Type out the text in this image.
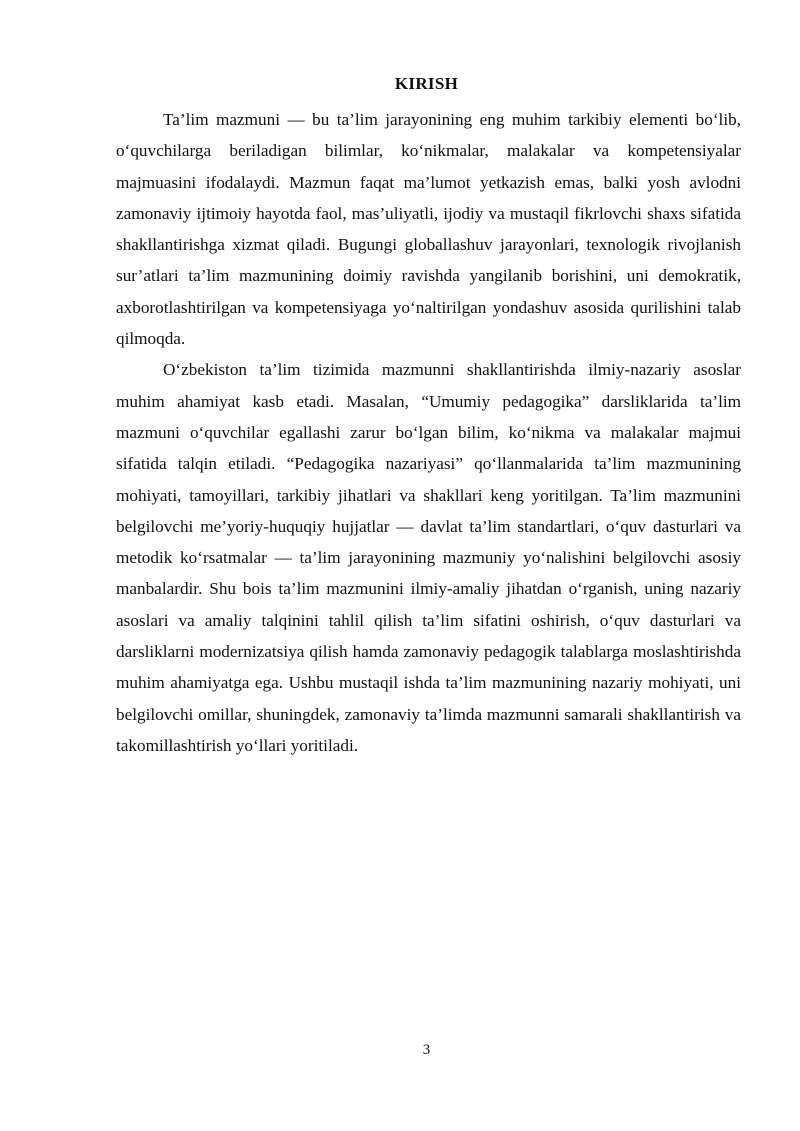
KIRISH

Ta’lim mazmuni — bu ta’lim jarayonining eng muhim tarkibiy elementi bo‘lib, o‘quvchilarga beriladigan bilimlar, ko‘nikmalar, malakalar va kompetensiyalar majmuasini ifodalaydi. Mazmun faqat ma’lumot yetkazish emas, balki yosh avlodni zamonaviy ijtimoiy hayotda faol, mas’uliyatli, ijodiy va mustaqil fikrlovchi shaxs sifatida shakllantirishga xizmat qiladi. Bugungi globallashuv jarayonlari, texnologik rivojlanish sur’atlari ta’lim mazmunining doimiy ravishda yangilanib borishini, uni demokratik, axborotlashtirilgan va kompetensiyaga yo‘naltirilgan yondashuv asosida qurilishini talab qilmoqda.

O‘zbekiston ta’lim tizimida mazmunni shakllantirishda ilmiy-nazariy asoslar muhim ahamiyat kasb etadi. Masalan, “Umumiy pedagogika” darsliklarida ta’lim mazmuni o‘quvchilar egallashi zarur bo‘lgan bilim, ko‘nikma va malakalar majmui sifatida talqin etiladi. “Pedagogika nazariyasi” qo‘llanmalarida ta’lim mazmunining mohiyati, tamoyillari, tarkibiy jihatlari va shakllari keng yoritilgan. Ta’lim mazmunini belgilovchi me’yoriy-huquqiy hujjatlar — davlat ta’lim standartlari, o‘quv dasturlari va metodik ko‘rsatmalar — ta’lim jarayonining mazmuniy yo‘nalishini belgilovchi asosiy manbalardir. Shu bois ta’lim mazmunini ilmiy-amaliy jihatdan o‘rganish, uning nazariy asoslari va amaliy talqinini tahlil qilish ta’lim sifatini oshirish, o‘quv dasturlari va darsliklarni modernizatsiya qilish hamda zamonaviy pedagogik talablarga moslashtirishda muhim ahamiyatga ega. Ushbu mustaqil ishda ta’lim mazmunining nazariy mohiyati, uni belgilovchi omillar, shuningdek, zamonaviy ta’limda mazmunni samarali shakllantirish va takomillashtirish yo‘llari yoritiladi.

3
